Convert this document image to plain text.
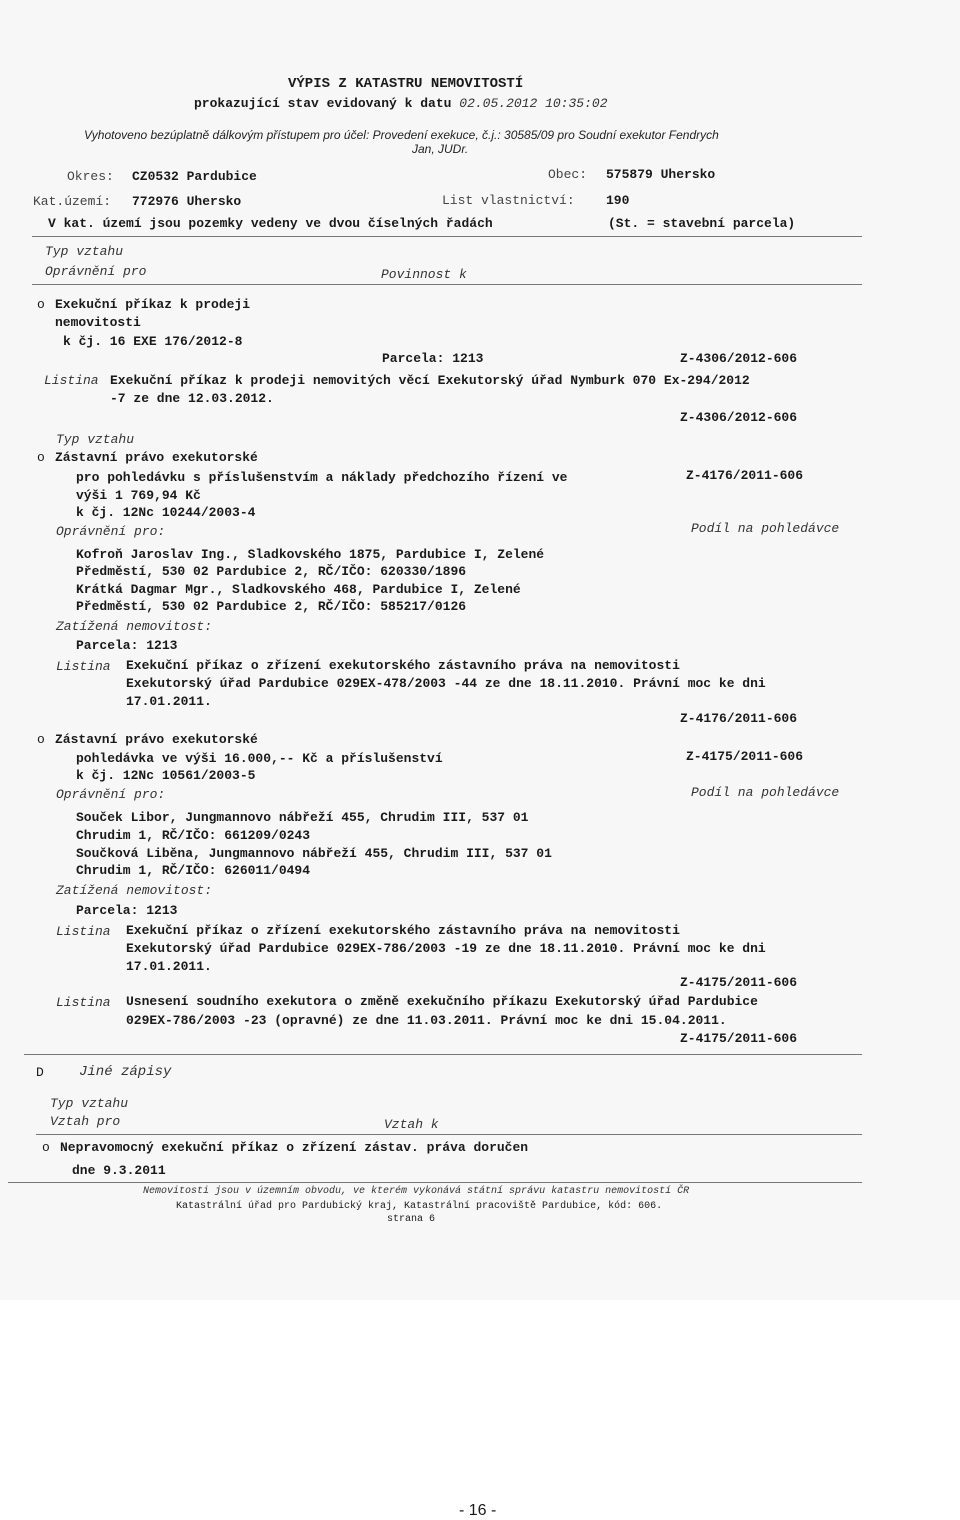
VÝPIS Z KATASTRU NEMOVITOSTÍ
prokazující stav evidovaný k datu 02.05.2012 10:35:02
Vyhotoveno bezúplatně dálkovým přístupem pro účel: Provedení exekuce, č.j.: 30585/09 pro Soudní exekutor Fendrych
Jan, JUDr.
Okres: CZ0532 Pardubice	Obec: 575879 Uhersko
Kat.území: 772976 Uhersko	List vlastnictví: 190
V kat. území jsou pozemky vedeny ve dvou číselných řadách	(St. = stavební parcela)
Typ vztahu
Oprávnění pro	Povinnost k
o Exekuční příkaz k prodeji
nemovitosti
k čj. 16 EXE 176/2012-8
Parcela: 1213	Z-4306/2012-606
Listina Exekuční příkaz k prodeji nemovitých věcí Exekutorský úřad Nymburk 070 Ex-294/2012
-7 ze dne 12.03.2012.
Z-4306/2012-606
Typ vztahu
o Zástavní právo exekutorské
pro pohledávku s příslušenstvím a náklady předchozího řízení ve	Z-4176/2011-606
výši 1 769,94 Kč
k čj. 12Nc 10244/2003-4
Oprávnění pro:	Podíl na pohledávce
Kofroň Jaroslav Ing., Sladkovského 1875, Pardubice I, Zelené
Předměstí, 530 02 Pardubice 2, RČ/IČO: 620330/1896
Krátká Dagmar Mgr., Sladkovského 468, Pardubice I, Zelené
Předměstí, 530 02 Pardubice 2, RČ/IČO: 585217/0126
Zatížená nemovitost:
Parcela: 1213
Listina Exekuční příkaz o zřízení exekutorského zástavního práva na nemovitosti
Exekutorský úřad Pardubice 029EX-478/2003 -44 ze dne 18.11.2010. Právní moc ke dni
17.01.2011.
Z-4176/2011-606
o Zástavní právo exekutorské
pohledávka ve výši 16.000,-- Kč a příslušenství	Z-4175/2011-606
k čj. 12Nc 10561/2003-5
Oprávnění pro:	Podíl na pohledávce
Souček Libor, Jungmannovo nábřeží 455, Chrudim III, 537 01
Chrudim 1, RČ/IČO: 661209/0243
Součková Liběna, Jungmannovo nábřeží 455, Chrudim III, 537 01
Chrudim 1, RČ/IČO: 626011/0494
Zatížená nemovitost:
Parcela: 1213
Listina Exekuční příkaz o zřízení exekutorského zástavního práva na nemovitosti
Exekutorský úřad Pardubice 029EX-786/2003 -19 ze dne 18.11.2010. Právní moc ke dni
17.01.2011.
Z-4175/2011-606
Listina Usnesení soudního exekutora o změně exekučního příkazu Exekutorský úřad Pardubice
029EX-786/2003 -23 (opravné) ze dne 11.03.2011. Právní moc ke dni 15.04.2011.
Z-4175/2011-606
D	Jiné zápisy
Typ vztahu
Vztah pro	Vztah k
o Nepravomocný exekuční příkaz o zřízení zástav. práva doručen
dne 9.3.2011
Nemovitosti jsou v územním obvodu, ve kterém vykonává státní správu katastru nemovitostí ČR
Katastrální úřad pro Pardubický kraj, Katastrální pracoviště Pardubice, kód: 606.
strana 6
- 16 -
